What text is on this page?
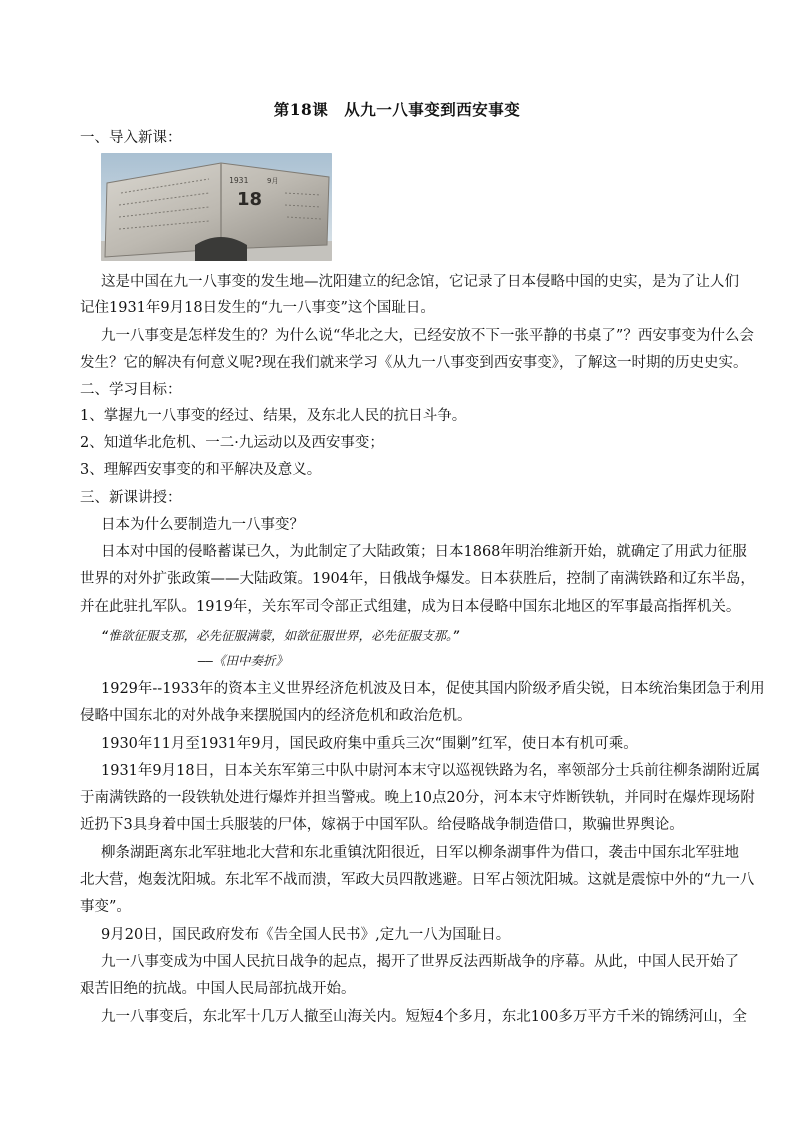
第18课　从九一八事变到西安事变
一、导入新课：
1931
18
9月
这是中国在九一八事变的发生地—沈阳建立的纪念馆，它记录了日本侵略中国的史实，是为了让人们
记住1931年9月18日发生的“九一八事变”这个国耻日。
九一八事变是怎样发生的？为什么说“华北之大，已经安放不下一张平静的书桌了”？西安事变为什么会
发生？它的解决有何意义呢?现在我们就来学习《从九一八事变到西安事变》，了解这一时期的历史史实。
二、学习目标：
1、掌握九一八事变的经过、结果，及东北人民的抗日斗争。
2、知道华北危机、一二·九运动以及西安事变；
3、理解西安事变的和平解决及意义。
三、新课讲授：
日本为什么要制造九一八事变？
日本对中国的侵略蓄谋已久，为此制定了大陆政策；日本1868年明治维新开始，就确定了用武力征服
世界的对外扩张政策——大陆政策。1904年，日俄战争爆发。日本获胜后，控制了南满铁路和辽东半岛，
并在此驻扎军队。1919年，关东军司令部正式组建，成为日本侵略中国东北地区的军事最高指挥机关。
“惟欲征服支那，必先征服满蒙，如欲征服世界，必先征服支那。”
——《田中奏折》
1929年--1933年的资本主义世界经济危机波及日本，促使其国内阶级矛盾尖锐，日本统治集团急于利用
侵略中国东北的对外战争来摆脱国内的经济危机和政治危机。
1930年11月至1931年9月，国民政府集中重兵三次“围剿”红军，使日本有机可乘。
1931年9月18日，日本关东军第三中队中尉河本末守以巡视铁路为名，率领部分士兵前往柳条湖附近属
于南满铁路的一段铁轨处进行爆炸并担当警戒。晚上10点20分，河本末守炸断铁轨，并同时在爆炸现场附
近扔下3具身着中国士兵服装的尸体，嫁祸于中国军队。给侵略战争制造借口，欺骗世界舆论。
柳条湖距离东北军驻地北大营和东北重镇沈阳很近，日军以柳条湖事件为借口，袭击中国东北军驻地
北大营，炮轰沈阳城。东北军不战而溃，军政大员四散逃避。日军占领沈阳城。这就是震惊中外的“九一八
事变”。
9月20日，国民政府发布《告全国人民书》,定九一八为国耻日。
九一八事变成为中国人民抗日战争的起点，揭开了世界反法西斯战争的序幕。从此，中国人民开始了
艰苦旧绝的抗战。中国人民局部抗战开始。
九一八事变后，东北军十几万人撤至山海关内。短短4个多月，东北100多万平方千米的锦绣河山，全
